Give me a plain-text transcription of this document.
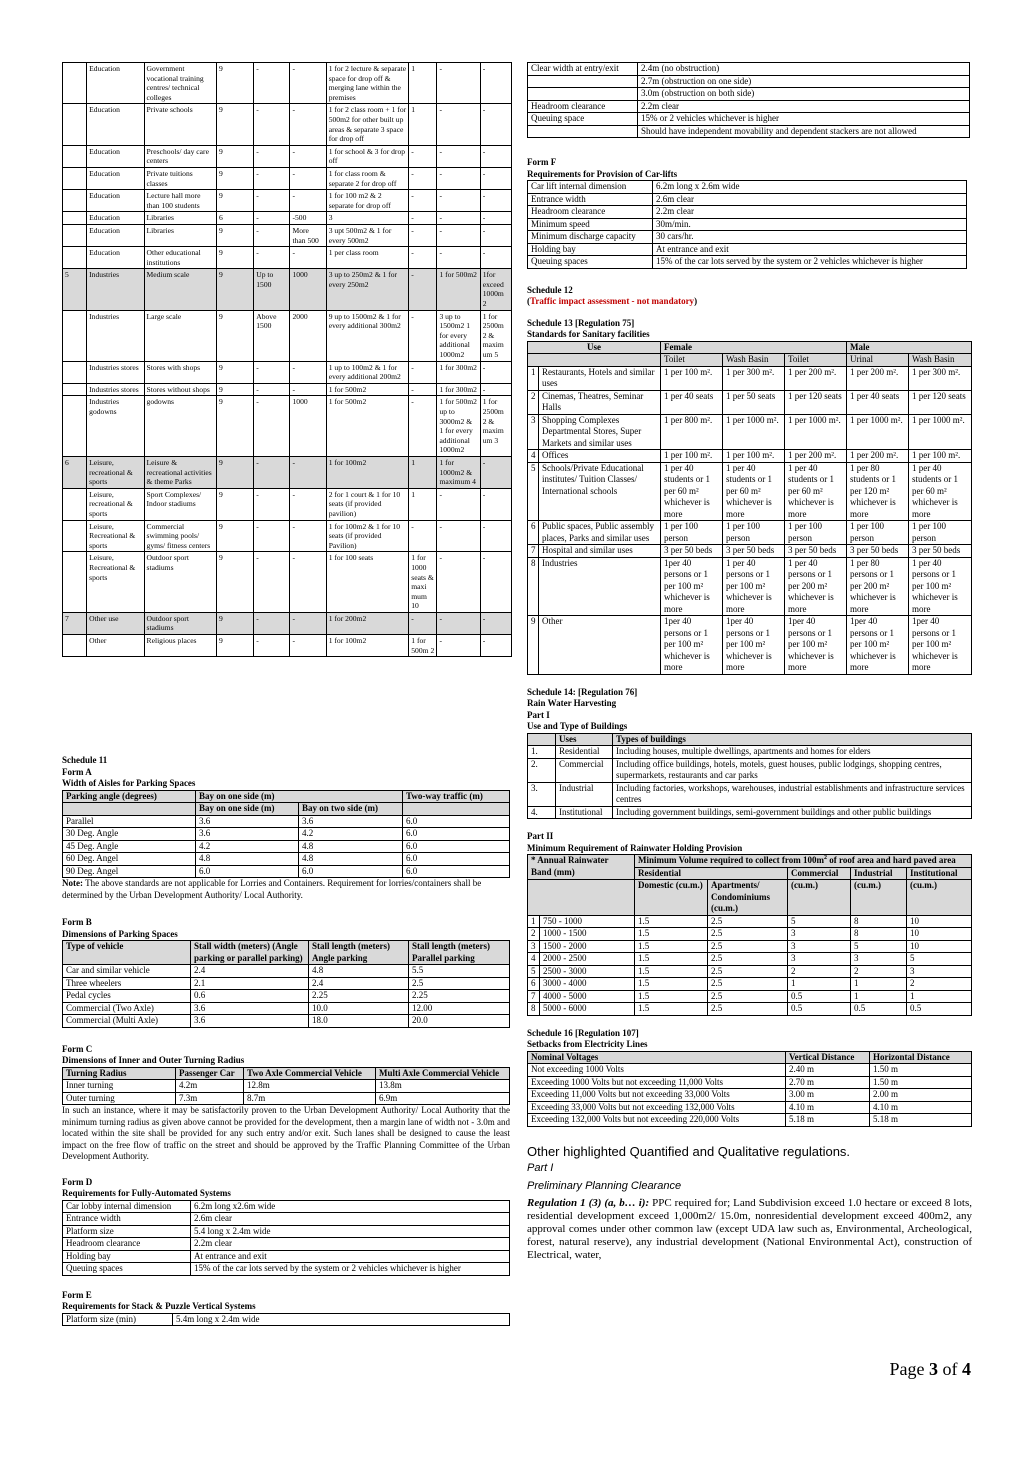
	Education	Government vocational training centres/ technical colleges	9	-	-	1 for 2 lecture & separate space for drop off & merging lane within the premises	1	-	-
	Education	Private schools	9	-	-	1 for 2 class room + 1 for 500m2 for other built up areas & separate 3 space for drop off	1	-	-
	Education	Preschools/ day care centers	9	-	-	1 for school & 3 for drop off	-	-	-
	Education	Private tuitions classes	9	-	-	1 for class room & separate 2 for drop off	-	-	-
	Education	Lecture hall more than 100 students	9	-	-	1 for 100 m2 & 2 separate for drop off	-	-	-
	Education	Libraries	6	-	-500	3	-	-	-
	Education	Libraries	9	-	More than 500	3 upt 500m2 & 1 for every 500m2	-	-	-
	Education	Other educational institutions	9	-	-	1 per class room	-	-	-
5	Industries	Medium scale	9	Up to 1500	1000	3 up to 250m2 & 1 for every 250m2	-	1 for 500m2	1for exceed 1000m 2
	Industries	Large scale	9	Above 1500	2000	9 up to 1500m2 & 1 for every additional 300m2	-	3 up to 1500m2 1 for every additional 1000m2	1 for 2500m 2 & maxim um 5
	Industries stores	Stores with shops	9	-	-	1 up to 100m2 & 1 for every additional 200m2	-	1 for 300m2	-
	Industries stores	Stores without shops	9	-	-	1 for 500m2	-	1 for 300m2	-
	Industries godowns	godowns	9	-	1000	1 for 500m2	-	1 for 500m2 up to 3000m2 & 1 for every additional 1000m2	1 for 2500m 2 & maxim um 3
6	Leisure, recreational & sports	Leisure & recreational activities & theme Parks	9	-	-	1 for 100m2	1	1 for 1000m2 & maximum 4	-
	Leisure, recreational & sports	Sport Complexes/ Indoor stadiums	9	-	-	2 for 1 court & 1 for 10 seats (if provided pavilion)	1	-	-
	Leisure, Recreational & sports	Commercial swimming pools/ gyms/ fitness centers	9	-	-	1 for 100m2 & 1 for 10 seats (if provided Pavilion)	-	-	-
	Leisure, Recreational & sports	Outdoor sport stadiums	9	-	-	1 for 100 seats	1 for 1000 seats & maxi mum 10	-	-
7	Other use	Outdoor sport stadiums	9	-	-	1 for 200m2	-	-	-
	Other	Religious places	9	-	-	1 for 100m2	1 for 500m 2	-	-

Schedule 11

Form A

Width of Aisles for Parking Spaces

Parking angle (degrees)	Bay on one side (m)		Two-way traffic (m)
	Bay on one side (m)	Bay on two side (m)	
Parallel	3.6	3.6	6.0
30 Deg. Angle	3.6	4.2	6.0
45 Deg. Angle	4.2	4.8	6.0
60 Deg. Angel	4.8	4.8	6.0
90 Deg. Angel	6.0	6.0	6.0

Note: The above standards are not applicable for Lorries and Containers. Requirement for lorries/containers shall be determined by the Urban Development Authority/ Local Authority.

Form B

Dimensions of Parking Spaces

Type of vehicle	Stall width (meters) (Angle parking or parallel parking)	Stall length (meters) Angle parking	Stall length (meters) Parallel parking
Car and similar vehicle	2.4	4.8	5.5
Three wheelers	2.1	2.4	2.5
Pedal cycles	0.6	2.25	2.25
Commercial (Two Axle)	3.6	10.0	12.00
Commercial (Multi Axle)	3.6	18.0	20.0

Form C

Dimensions of Inner and Outer Turning Radius

Turning Radius	Passenger Car	Two Axle Commercial Vehicle	Multi Axle Commercial Vehicle
Inner turning	4.2m	12.8m	13.8m
Outer turning	7.3m	8.7m	6.9m

In such an instance, where it may be satisfactorily proven to the Urban Development Authority/ Local Authority that the minimum turning radius as given above cannot be provided for the development, then a margin lane of width not - 3.0m and located within the site shall be provided for any such entry and/or exit. Such lanes shall be designed to cause the least impact on the free flow of traffic on the street and should be approved by the Traffic Planning Committee of the Urban Development Authority.

Form D

Requirements for Fully-Automated Systems

Car lobby internal dimension	6.2m long x2.6m wide
Entrance width	2.6m clear
Platform size	5.4 long x 2.4m wide
Headroom clearance	2.2m clear
Holding bay	At entrance and exit
Queuing spaces	15% of the car lots served by the system or 2 vehicles whichever is higher

Form E

Requirements for Stack & Puzzle Vertical Systems

Platform size (min)	5.4m long x 2.4m wide
Clear width at entry/exit	2.4m (no obstruction)
	2.7m (obstruction on one side)
	3.0m (obstruction on both side)
Headroom clearance	2.2m clear
Queuing space	15% or 2 vehicles whichever is higher
	Should have independent movability and dependent stackers are not allowed

Form F

Requirements for Provision of Car-lifts

Car lift internal dimension	6.2m long x 2.6m wide
Entrance width	2.6m clear
Headroom clearance	2.2m clear
Minimum speed	30m/min.
Minimum discharge capacity	30 cars/hr.
Holding bay	At entrance and exit
Queuing spaces	15% of the car lots served by the system or 2 vehicles whichever is higher

Schedule 12

(Traffic impact assessment - not mandatory)

Schedule 13 [Regulation 75]

Standards for Sanitary facilities

Use		Female			Male	
		Toilet	Wash Basin	Toilet	Urinal	Wash Basin
1	Restaurants, Hotels and similar uses	1 per 100 m².	1 per 300 m².	1 per 200 m².	1 per 200 m².	1 per 300 m².
2	Cinemas, Theatres, Seminar Halls	1 per 40 seats	1 per 50 seats	1 per 120 seats	1 per 40 seats	1 per 120 seats
3	Shopping Complexes Departmental Stores, Super Markets and similar uses	1 per 800 m².	1 per 1000 m².	1 per 1000 m².	1 per 1000 m².	1 per 1000 m².
4	Offices	1 per 100 m².	1 per 100 m².	1 per 200 m².	1 per 200 m².	1 per 100 m².
5	Schools/Private Educational institutes/ Tuition Classes/ International schools	1 per 40 students or 1 per 60 m² whichever is more	1 per 40 students or 1 per 60 m² whichever is more	1 per 40 students or 1 per 60 m² whichever is more	1 per 80 students or 1 per 120 m² whichever is more	1 per 40 students or 1 per 60 m² whichever is more
6	Public spaces, Public assembly places, Parks and similar uses	1 per 100 person	1 per 100 person	1 per 100 person	1 per 100 person	1 per 100 person
7	Hospital and similar uses	3 per 50 beds	3 per 50 beds	3 per 50 beds	3 per 50 beds	3 per 50 beds
8	Industries	1per 40 persons or 1 per 100 m² whichever is more	1 per 40 persons or 1 per 100 m² whichever is more	1 per 40 persons or 1 per 200 m² whichever is more	1 per 80 persons or 1 per 200 m² whichever is more	1 per 40 persons or 1 per 100 m² whichever is more
9	Other	1per 40 persons or 1 per 100 m² whichever is more	1per 40 persons or 1 per 100 m² whichever is more	1per 40 persons or 1 per 100 m² whichever is more	1per 40 persons or 1 per 100 m² whichever is more	1per 40 persons or 1 per 100 m² whichever is more

Schedule 14: [Regulation 76]

Rain Water Harvesting

Part I

Use and Type of Buildings

	Uses	Types of buildings
1.	Residential	Including houses, multiple dwellings, apartments and homes for elders
2.	Commercial	Including office buildings, hotels, motels, guest houses, public lodgings, shopping centres, supermarkets, restaurants and car parks
3.	Industrial	Including factories, workshops, warehouses, industrial establishments and infrastructure services centres
4.	Institutional	Including government buildings, semi-government buildings and other public buildings

Part II

Minimum Requirement of Rainwater Holding Provision

* Annual Rainwater Band (mm)		Minimum Volume required to collect from $100m^2$ of roof area and hard paved area				
		Residential		Commercial	Industrial	Institutional
		Domestic (cu.m.)	Apartments/ Condominiums (cu.m.)	(cu.m.)	(cu.m.)	(cu.m.)
1	750 - 1000	1.5	2.5	5	8	10
2	1000 - 1500	1.5	2.5	3	8	10
3	1500 - 2000	1.5	2.5	3	5	10
4	2000 - 2500	1.5	2.5	3	3	5
5	2500 - 3000	1.5	2.5	2	2	3
6	3000 - 4000	1.5	2.5	1	1	2
7	4000 - 5000	1.5	2.5	0.5	1	1
8	5000 - 6000	1.5	2.5	0.5	0.5	0.5

Schedule 16 [Regulation 107]

Setbacks from Electricity Lines

Nominal Voltages	Vertical Distance	Horizontal Distance
Not exceeding 1000 Volts	2.40 m	1.50 m
Exceeding 1000 Volts but not exceeding 11,000 Volts	2.70 m	1.50 m
Exceeding 11,000 Volts but not exceeding 33,000 Volts	3.00 m	2.00 m
Exceeding 33,000 Volts but not exceeding 132,000 Volts	4.10 m	4.10 m
Exceeding 132,000 Volts but not exceeding 220,000 Volts	5.18 m	5.18 m

Other highlighted Quantified and Qualitative regulations.

Part I

Preliminary Planning Clearance

Regulation 1 (3) (a, b… i): PPC required for; Land Subdivision exceed 1.0 hectare or exceed 8 lots, residential development exceed 1,000m2/ 15.0m, nonresidential development exceed 400m2, any approval comes under other common law (except UDA law such as, Environmental, Archeological, forest, natural reserve), any industrial development (National Environmental Act), construction of Electrical, water,

Page 3 of 4
